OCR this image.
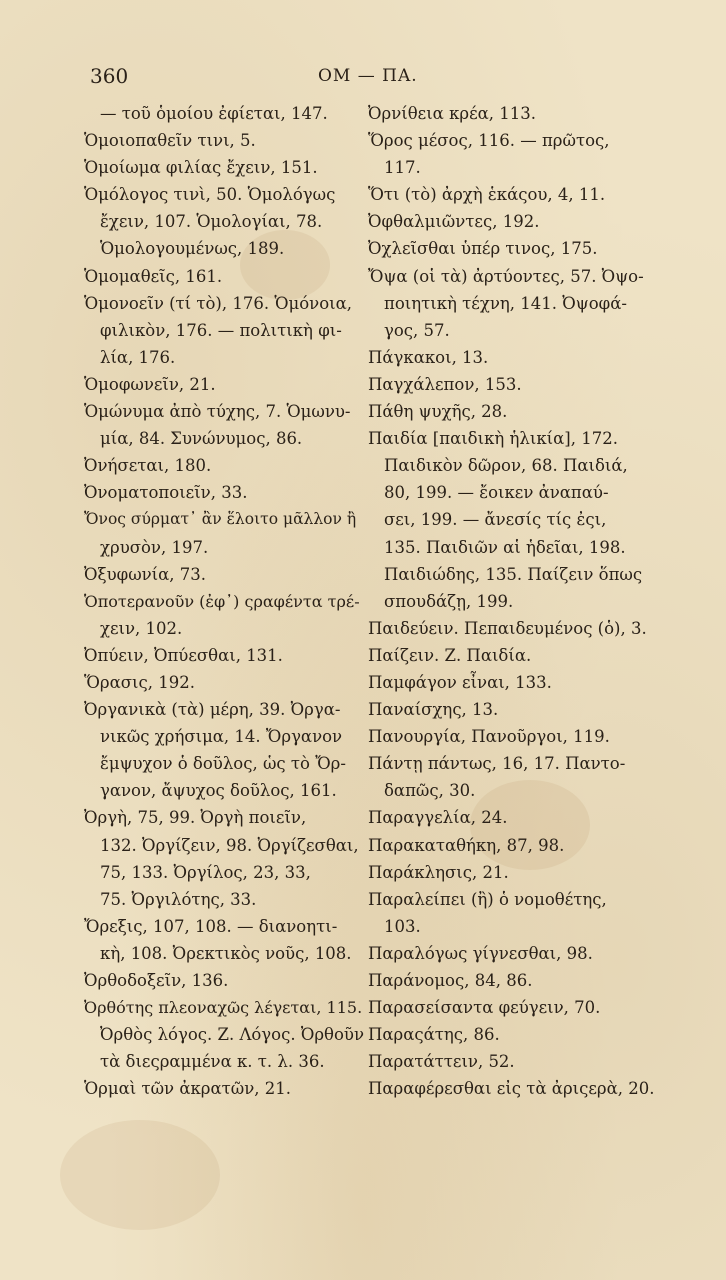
360	ΟΜ — ΠΑ.
— τοῦ ὁμοίου ἐφίεται, 147.
Ὁμοιοπαθεῖν τινι, 5.
Ὁμοίωμα φιλίας ἔχειν, 151.
Ὁμόλογος τινὶ, 50. Ὁμολόγως
ἔχειν, 107. Ὁμολογίαι, 78.
Ὁμολογουμένως, 189.
Ὁμομαθεῖς, 161.
Ὁμονοεῖν (τί τὸ), 176. Ὁμόνοια,
φιλικὸν, 176. — πολιτικὴ φι-
λία, 176.
Ὁμοφωνεῖν, 21.
Ὁμώνυμα ἀπὸ τύχης, 7. Ὁμωνυ-
μία, 84. Συνώνυμος, 86.
Ὀνήσεται, 180.
Ὀνοματοποιεῖν, 33.
Ὄνος σύρματ᾽ ἂν ἕλοιτο μᾶλλον ἢ
χρυσὸν, 197.
Ὀξυφωνία, 73.
Ὁποτερανοῦν (ἐφ᾽) ςραφέντα τρέ-
χειν, 102.
Ὀπύειν, Ὀπύεσθαι, 131.
Ὅρασις, 192.
Ὀργανικὰ (τὰ) μέρη, 39. Ὀργα-
νικῶς χρήσιμα, 14. Ὄργανον
ἔμψυχον ὁ δοῦλος, ὡς τὸ Ὄρ-
γανον, ἄψυχος δοῦλος, 161.
Ὀργὴ, 75, 99. Ὀργὴ ποιεῖν,
132. Ὀργίζειν, 98. Ὀργίζεσθαι,
75, 133. Ὀργίλος, 23, 33,
75. Ὀργιλότης, 33.
Ὄρεξις, 107, 108. — διανοητι-
κὴ, 108. Ὀρεκτικὸς νοῦς, 108.
Ὀρθοδοξεῖν, 136.
Ὀρθότης πλεοναχῶς λέγεται, 115.
Ὀρθὸς λόγος. Ζ. Λόγος. Ὀρθοῦν
τὰ διεςραμμένα κ. τ. λ. 36.
Ὁρμαὶ τῶν ἀκρατῶν, 21.
Ὀρνίθεια κρέα, 113.
Ὅρος μέσος, 116. — πρῶτος,
117.
Ὅτι (τὸ) ἀρχὴ ἑκάςου, 4, 11.
Ὀφθαλμιῶντες, 192.
Ὀχλεῖσθαι ὑπέρ τινος, 175.
Ὄψα (οἱ τὰ) ἀρτύοντες, 57. Ὀψο-
ποιητικὴ τέχνη, 141. Ὀψοφά-
γος, 57.
Πάγκακοι, 13.
Παγχάλεπον, 153.
Πάθη ψυχῆς, 28.
Παιδία [παιδικὴ ἡλικία], 172.
Παιδικὸν δῶρον, 68. Παιδιά,
80, 199. — ἔοικεν ἀναπαύ-
σει, 199. — ἄνεσίς τίς ἐςι,
135. Παιδιῶν αἱ ἡδεῖαι, 198.
Παιδιώδης, 135. Παίζειν ὅπως
σπουδάζῃ, 199.
Παιδεύειν. Πεπαιδευμένος (ὁ), 3.
Παίζειν. Ζ. Παιδία.
Παμφάγον εἶναι, 133.
Παναίσχης, 13.
Πανουργία, Πανοῦργοι, 119.
Πάντῃ πάντως, 16, 17. Παντο-
δαπῶς, 30.
Παραγγελία, 24.
Παρακαταθήκη, 87, 98.
Παράκλησις, 21.
Παραλείπει (ἢ) ὁ νομοθέτης,
103.
Παραλόγως γίγνεσθαι, 98.
Παράνομος, 84, 86.
Παρασείσαντα φεύγειν, 70.
Παραςάτης, 86.
Παρατάττειν, 52.
Παραφέρεσθαι εἰς τὰ ἀριςερὰ, 20.
